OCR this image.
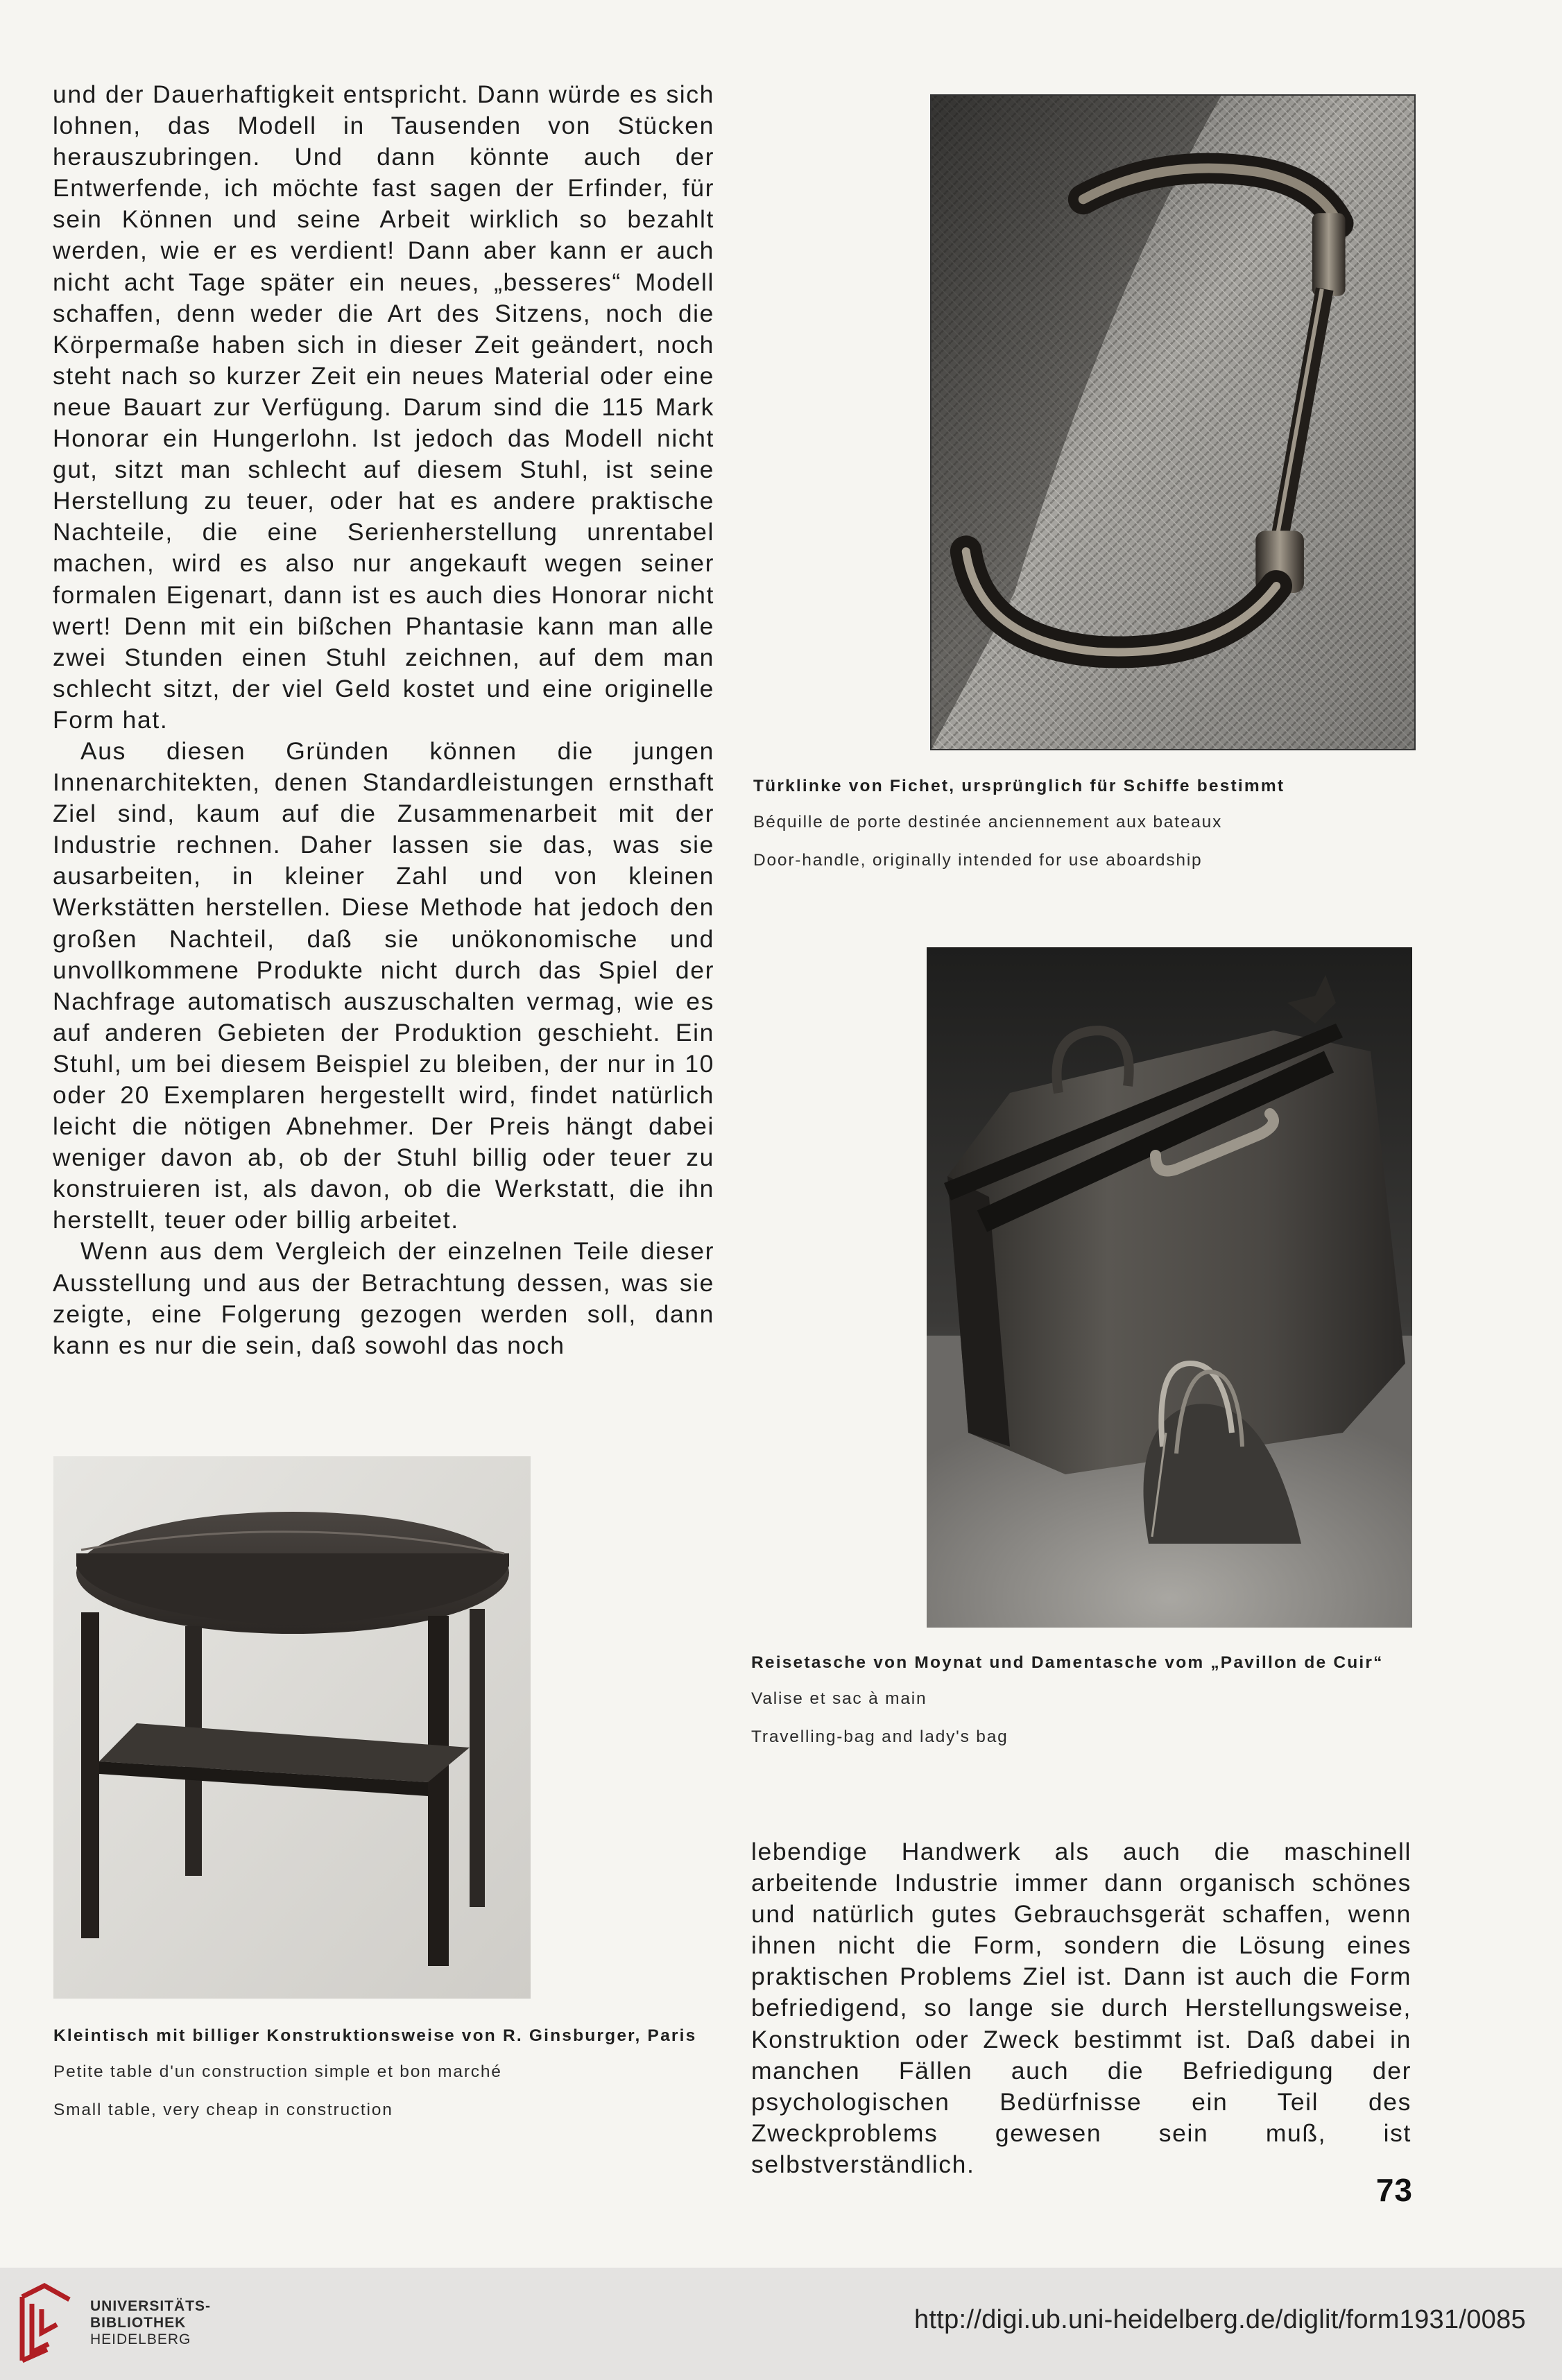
und der Dauerhaftigkeit entspricht. Dann würde es sich lohnen, das Modell in Tausenden von Stücken herauszubringen. Und dann könnte auch der Entwerfende, ich möchte fast sagen der Erfinder, für sein Können und seine Arbeit wirklich so bezahlt werden, wie er es verdient! Dann aber kann er auch nicht acht Tage später ein neues, „besseres“ Modell schaffen, denn weder die Art des Sitzens, noch die Körpermaße haben sich in dieser Zeit geändert, noch steht nach so kurzer Zeit ein neues Material oder eine neue Bauart zur Verfügung. Darum sind die 115 Mark Honorar ein Hungerlohn. Ist jedoch das Modell nicht gut, sitzt man schlecht auf diesem Stuhl, ist seine Herstellung zu teuer, oder hat es andere praktische Nachteile, die eine Serienherstellung unrentabel machen, wird es also nur angekauft wegen seiner formalen Eigenart, dann ist es auch dies Honorar nicht wert! Denn mit ein bißchen Phantasie kann man alle zwei Stunden einen Stuhl zeichnen, auf dem man schlecht sitzt, der viel Geld kostet und eine originelle Form hat.

Aus diesen Gründen können die jungen Innenarchitekten, denen Standardleistungen ernsthaft Ziel sind, kaum auf die Zusammenarbeit mit der Industrie rechnen. Daher lassen sie das, was sie ausarbeiten, in kleiner Zahl und von kleinen Werkstätten herstellen. Diese Methode hat jedoch den großen Nachteil, daß sie unökonomische und unvollkommene Produkte nicht durch das Spiel der Nachfrage automatisch auszuschalten vermag, wie es auf anderen Gebieten der Produktion geschieht. Ein Stuhl, um bei diesem Beispiel zu bleiben, der nur in 10 oder 20 Exemplaren hergestellt wird, findet natürlich leicht die nötigen Abnehmer. Der Preis hängt dabei weniger davon ab, ob der Stuhl billig oder teuer zu konstruieren ist, als davon, ob die Werkstatt, die ihn herstellt, teuer oder billig arbeitet.

Wenn aus dem Vergleich der einzelnen Teile dieser Ausstellung und aus der Betrachtung dessen, was sie zeigte, eine Folgerung gezogen werden soll, dann kann es nur die sein, daß sowohl das noch

Türklinke von Fichet, ursprünglich für Schiffe bestimmt
Béquille de porte destinée anciennement aux bateaux
Door-handle, originally intended for use aboardship
Reisetasche von Moynat und Damentasche vom „Pavillon de Cuir“
Valise et sac à main
Travelling-bag and lady's bag
Kleintisch mit billiger Konstruktionsweise von R. Ginsburger, Paris
Petite table d'un construction simple et bon marché
Small table, very cheap in construction

lebendige Handwerk als auch die maschinell arbeitende Industrie immer dann organisch schönes und natürlich gutes Gebrauchsgerät schaffen, wenn ihnen nicht die Form, sondern die Lösung eines praktischen Problems Ziel ist. Dann ist auch die Form befriedigend, so lange sie durch Herstellungsweise, Konstruktion oder Zweck bestimmt ist. Daß dabei in manchen Fällen auch die Befriedigung der psychologischen Bedürfnisse ein Teil des Zweckproblems gewesen sein muß, ist selbstverständlich.

73
UNIVERSITÄTS-
BIBLIOTHEK
HEIDELBERG
http://digi.ub.uni-heidelberg.de/diglit/form1931/0085
